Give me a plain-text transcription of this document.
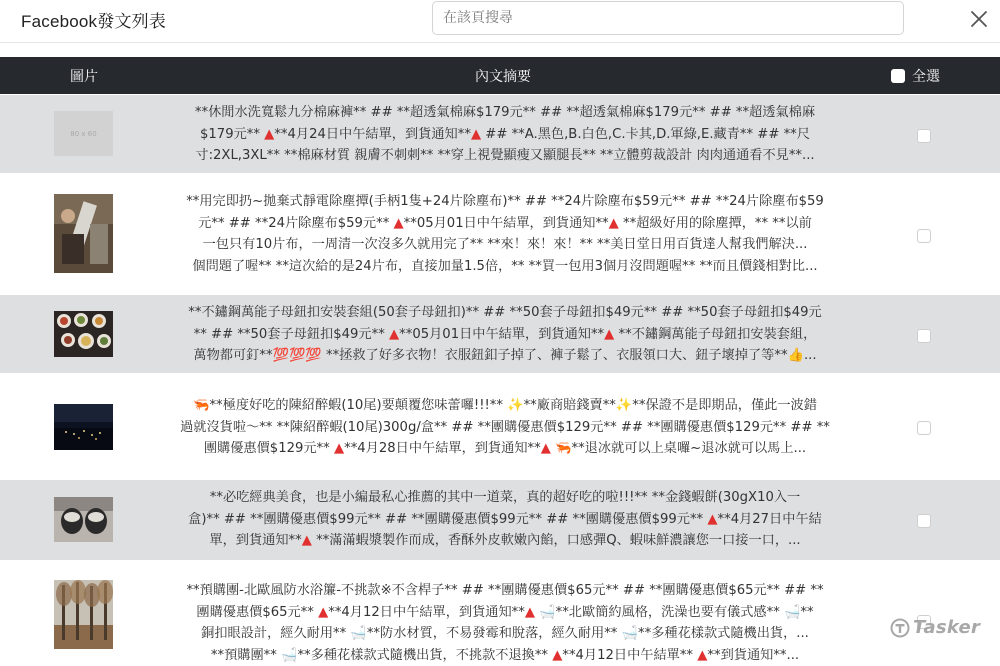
Facebook發文列表
在該頁搜尋
圖片	內文摘要	全選
80 x 60
**休閒水洗寬鬆九分棉麻褲** ## **超透氣棉麻$179元** ## **超透氣棉麻$179元** ## **超透氣棉麻
$179元** ▲**4月24日中午結單，到貨通知**▲ ## **A.黑色,B.白色,C.卡其,D.軍綠,E.藏青** ## **尺
寸:2XL,3XL** **棉麻材質 親膚不刺刺** **穿上視覺顯瘦又顯腿長** **立體剪裁設計 肉肉通通看不見**...
**用完即扔~拋棄式靜電除塵撢(手柄1隻+24片除塵布)** ## **24片除塵布$59元** ## **24片除塵布$59
元** ## **24片除塵布$59元** ▲**05月01日中午結單，到貨通知**▲ **超級好用的除塵撢，** **以前
一包只有10片布，一周清一次沒多久就用完了** **來！來！來！** **美日堂日用百貨達人幫我們解決...
個問題了喔** **這次給的是24片布，直接加量1.5倍，** **買一包用3個月沒問題喔** **而且價錢相對比...
**不鏽鋼萬能子母鈕扣安裝套組(50套子母鈕扣)** ## **50套子母鈕扣$49元** ## **50套子母鈕扣$49元
** ## **50套子母鈕扣$49元** ▲**05月01日中午結單，到貨通知**▲ **不鏽鋼萬能子母鈕扣安裝套組，
萬物都可釘**💯💯💯 **拯救了好多衣物！衣服鈕釦子掉了、褲子鬆了、衣服領口大、鈕子壞掉了等**👍...
🦐**極度好吃的陳紹醉蝦(10尾)要顛覆您味蕾囉!!!** ✨**廠商賠錢賣**✨**保證不是即期品，僅此一波錯
過就沒貨啦～** **陳紹醉蝦(10尾)300g/盒** ## **團購優惠價$129元** ## **團購優惠價$129元** ## **
團購優惠價$129元** ▲**4月28日中午結單，到貨通知**▲ 🦐**退冰就可以上桌囉~退冰就可以馬上...
**必吃經典美食，也是小編最私心推薦的其中一道菜，真的超好吃的啦!!!** **金錢蝦餅(30gX10入一
盒)** ## **團購優惠價$99元** ## **團購優惠價$99元** ## **團購優惠價$99元** ▲**4月27日中午結
單，到貨通知**▲ **滿滿蝦漿製作而成，香酥外皮軟嫩內餡，口感彈Q、蝦味鮮濃讓您一口接一口，...
**預購團-北歐風防水浴簾-不挑款※不含桿子** ## **團購優惠價$65元** ## **團購優惠價$65元** ## **
團購優惠價$65元** ▲**4月12日中午結單，到貨通知**▲ 🛁**北歐簡約風格，洗澡也要有儀式感** 🛁**
銅扣眼設計，經久耐用** 🛁**防水材質，不易發霉和脫落，經久耐用** 🛁**多種花樣款式隨機出貨，...
**預購團** 🛁**多種花樣款式隨機出貨，不挑款不退換** ▲**4月12日中午結單** ▲**到貨通知**...
Tasker
